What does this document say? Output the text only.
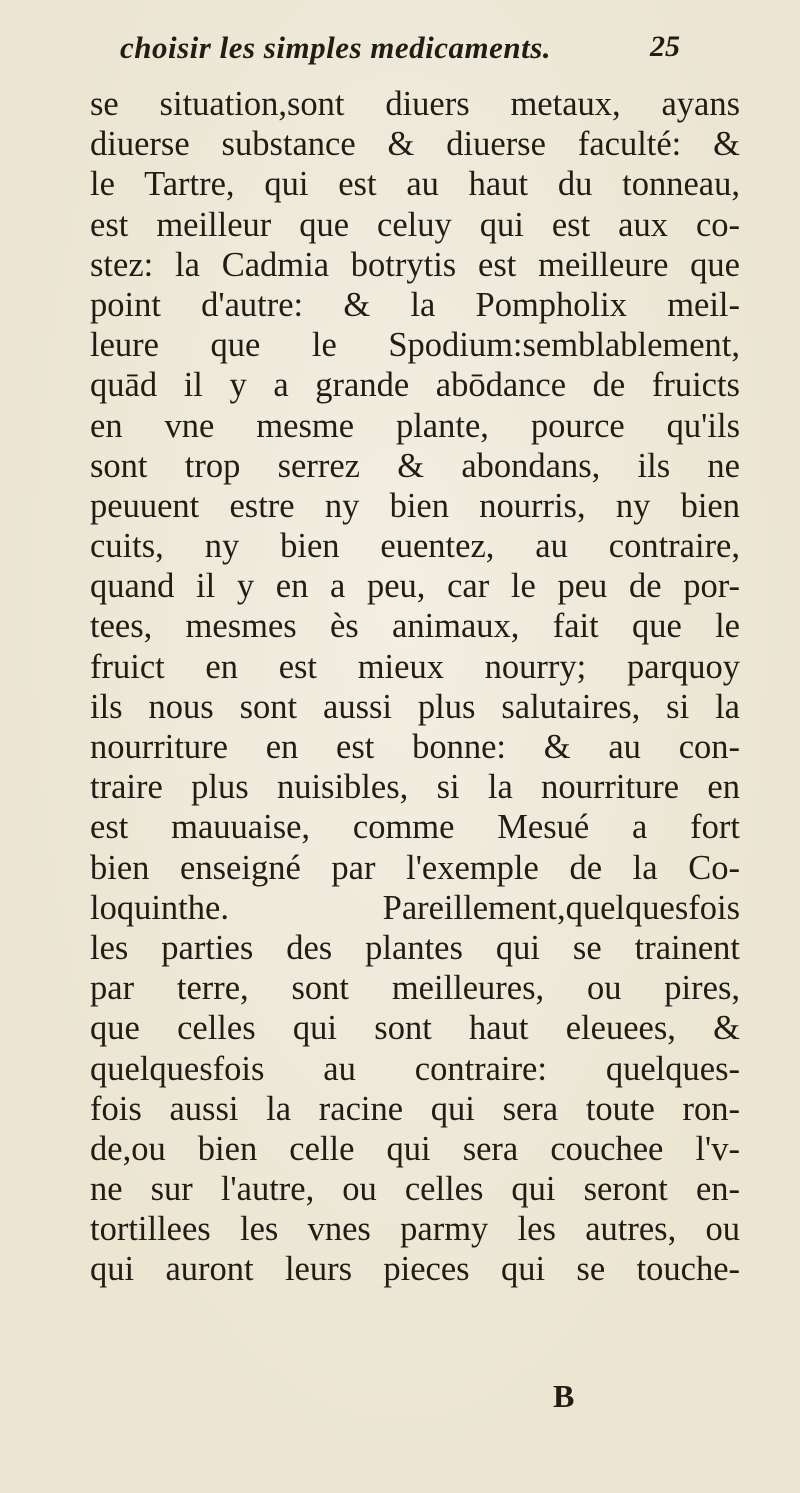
choisir les simples medicaments.	25
se situation,sont diuers metaux, ayans
diuerse substance & diuerse faculté: &
le Tartre, qui est au haut du tonneau,
est meilleur que celuy qui est aux co-
stez: la Cadmia botrytis est meilleure que
point d'autre: & la Pompholix meil-
leure que le Spodium:semblablement,
quād il y a grande abōdance de fruicts
en vne mesme plante, pource qu'ils
sont trop serrez & abondans, ils ne
peuuent estre ny bien nourris, ny bien
cuits, ny bien euentez, au contraire,
quand il y en a peu, car le peu de por-
tees, mesmes ès animaux, fait que le
fruict en est mieux nourry; parquoy
ils nous sont aussi plus salutaires, si la
nourriture en est bonne: & au con-
traire plus nuisibles, si la nourriture en
est mauuaise, comme Mesué a fort
bien enseigné par l'exemple de la Co-
loquinthe. Pareillement,quelquesfois
les parties des plantes qui se trainent
par terre, sont meilleures, ou pires,
que celles qui sont haut eleuees, &
quelquesfois au contraire: quelques-
fois aussi la racine qui sera toute ron-
de,ou bien celle qui sera couchee l'v-
ne sur l'autre, ou celles qui seront en-
tortillees les vnes parmy les autres, ou
qui auront leurs pieces qui se touche-
B
